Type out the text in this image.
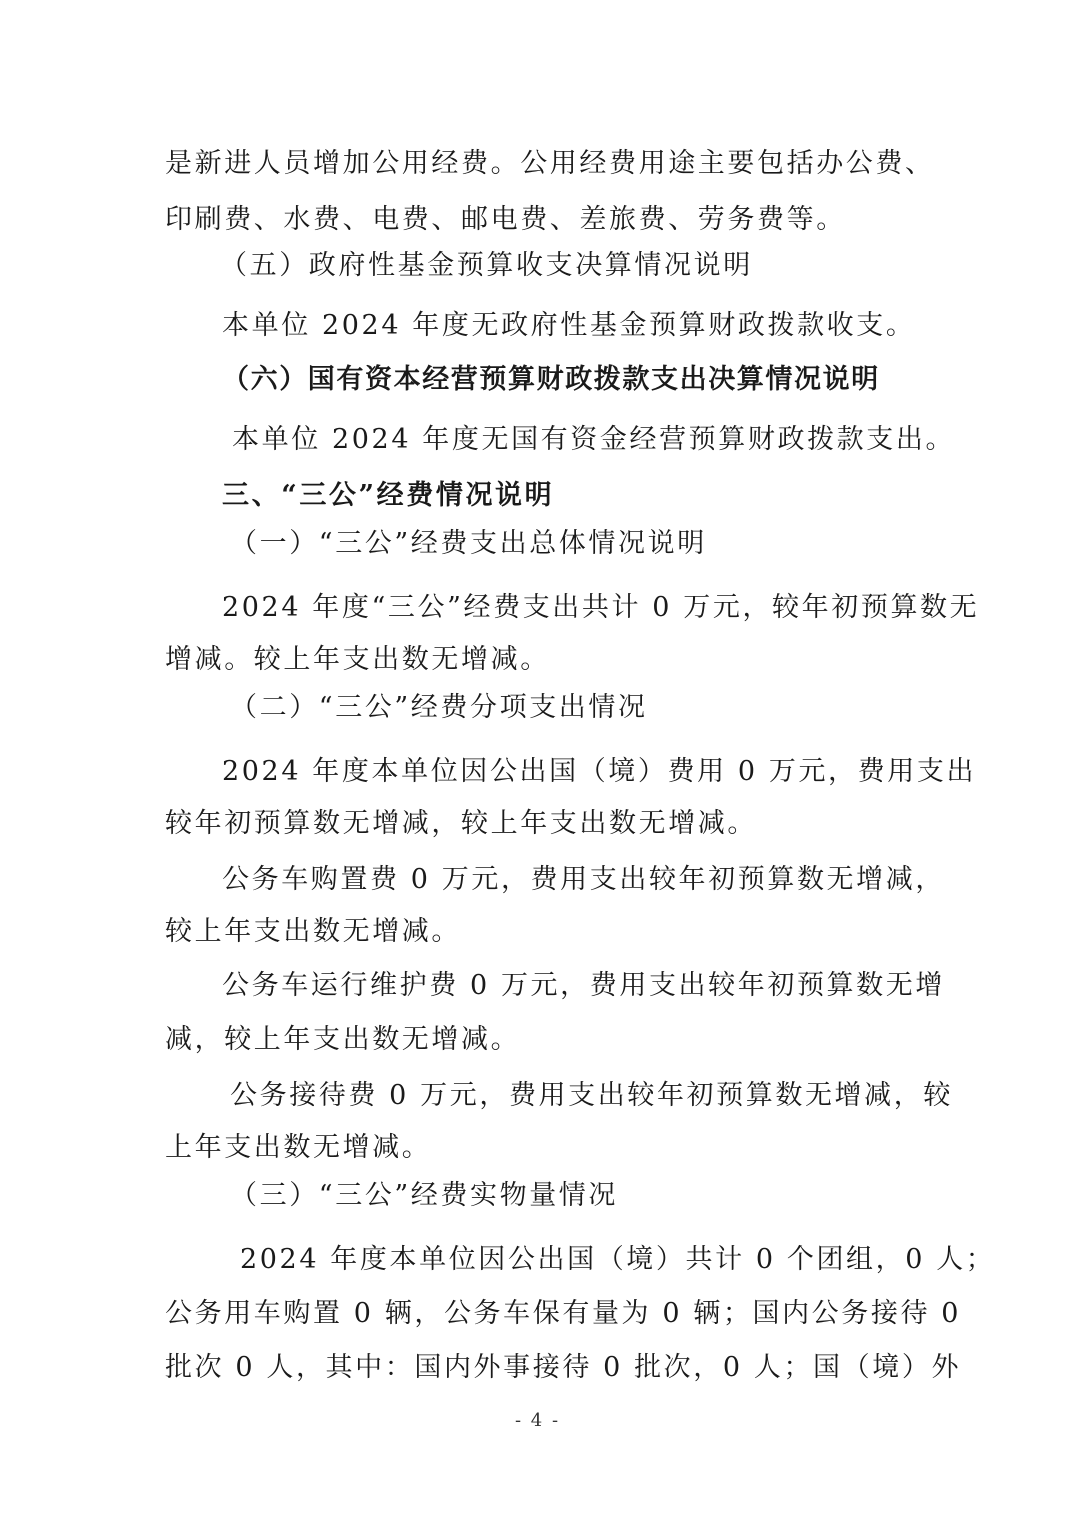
是新进人员增加公用经费。公用经费用途主要包括办公费、
印刷费、水费、电费、邮电费、差旅费、劳务费等。
（五）政府性基金预算收支决算情况说明
本单位 2024 年度无政府性基金预算财政拨款收支。
（六）国有资本经营预算财政拨款支出决算情况说明
本单位 2024 年度无国有资金经营预算财政拨款支出。
三、“三公”经费情况说明
（一）“三公”经费支出总体情况说明
2024 年度“三公”经费支出共计 0 万元，较年初预算数无
增减。较上年支出数无增减。
（二）“三公”经费分项支出情况
2024 年度本单位因公出国（境）费用 0 万元，费用支出
较年初预算数无增减，较上年支出数无增减。
公务车购置费 0 万元，费用支出较年初预算数无增减，
较上年支出数无增减。
公务车运行维护费 0 万元，费用支出较年初预算数无增
减，较上年支出数无增减。
公务接待费 0 万元，费用支出较年初预算数无增减，较
上年支出数无增减。
（三）“三公”经费实物量情况
2024 年度本单位因公出国（境）共计 0 个团组，0 人；
公务用车购置 0 辆，公务车保有量为 0 辆；国内公务接待 0
批次 0 人，其中：国内外事接待 0 批次，0 人；国（境）外
- 4 -
